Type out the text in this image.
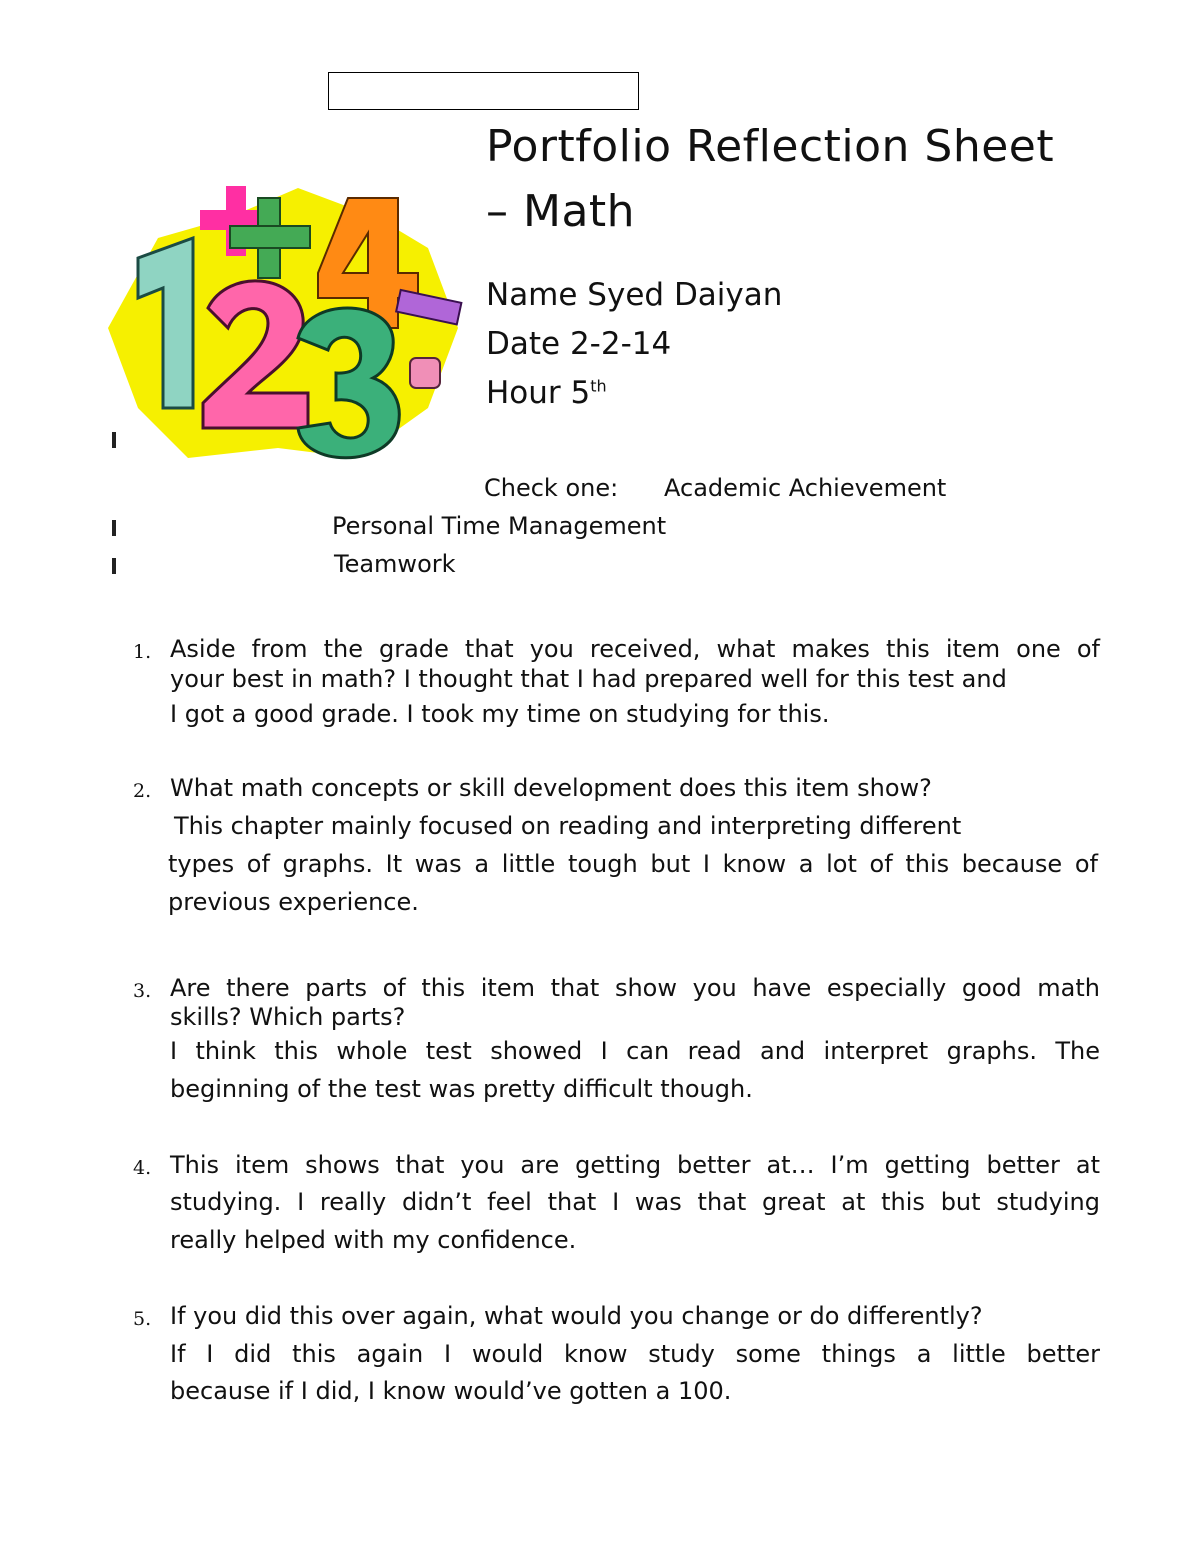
Portfolio Reflection Sheet
– Math
Name Syed Daiyan
Date 2-2-14
Hour 5th
Check one: Academic Achievement
Personal Time Management
Teamwork
1. Aside from the grade that you received, what makes this item one of
your best in math? I thought that I had prepared well for this test and
I got a good grade. I took my time on studying for this.
2. What math concepts or skill development does this item show?
This chapter mainly focused on reading and interpreting different
types of graphs. It was a little tough but I know a lot of this because of
previous experience.
3. Are there parts of this item that show you have especially good math
skills? Which parts?
I think this whole test showed I can read and interpret graphs. The
beginning of the test was pretty difficult though.
4. This item shows that you are getting better at… I’m getting better at
studying. I really didn’t feel that I was that great at this but studying
really helped with my confidence.
5. If you did this over again, what would you change or do differently?
If I did this again I would know study some things a little better
because if I did, I know would’ve gotten a 100.
